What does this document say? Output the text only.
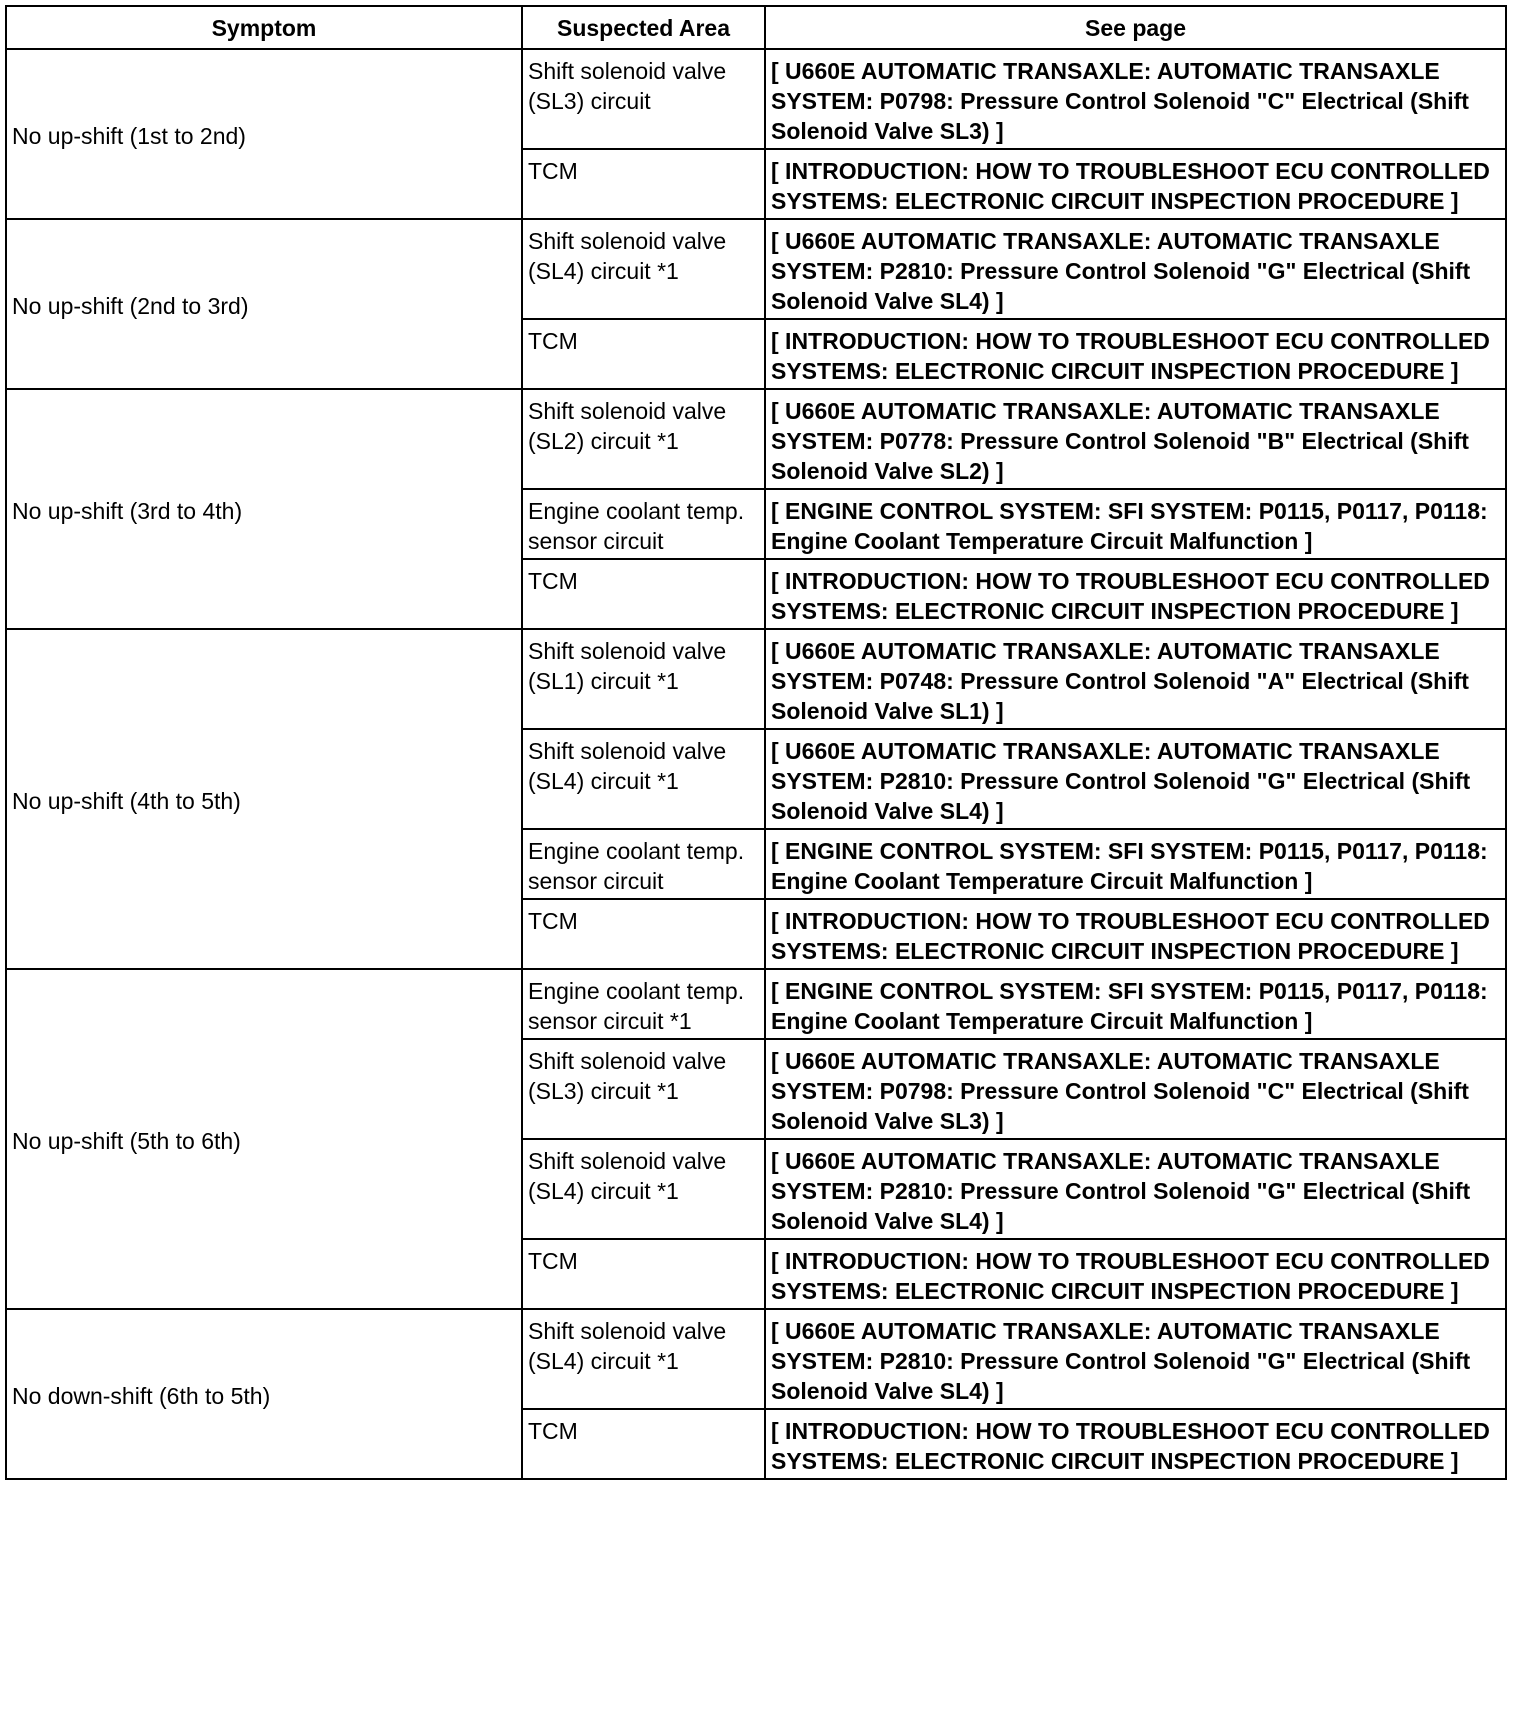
Symptom	Suspected Area	See page
No up-shift (1st to 2nd)	Shift solenoid valve (SL3) circuit	[ U660E AUTOMATIC TRANSAXLE: AUTOMATIC TRANSAXLE SYSTEM: P0798: Pressure Control Solenoid "C" Electrical (Shift Solenoid Valve SL3) ]
	TCM	[ INTRODUCTION: HOW TO TROUBLESHOOT ECU CONTROLLED SYSTEMS: ELECTRONIC CIRCUIT INSPECTION PROCEDURE ]
No up-shift (2nd to 3rd)	Shift solenoid valve (SL4) circuit *1	[ U660E AUTOMATIC TRANSAXLE: AUTOMATIC TRANSAXLE SYSTEM: P2810: Pressure Control Solenoid "G" Electrical (Shift Solenoid Valve SL4) ]
	TCM	[ INTRODUCTION: HOW TO TROUBLESHOOT ECU CONTROLLED SYSTEMS: ELECTRONIC CIRCUIT INSPECTION PROCEDURE ]
No up-shift (3rd to 4th)	Shift solenoid valve (SL2) circuit *1	[ U660E AUTOMATIC TRANSAXLE: AUTOMATIC TRANSAXLE SYSTEM: P0778: Pressure Control Solenoid "B" Electrical (Shift Solenoid Valve SL2) ]
	Engine coolant temp. sensor circuit	[ ENGINE CONTROL SYSTEM: SFI SYSTEM: P0115, P0117, P0118: Engine Coolant Temperature Circuit Malfunction ]
	TCM	[ INTRODUCTION: HOW TO TROUBLESHOOT ECU CONTROLLED SYSTEMS: ELECTRONIC CIRCUIT INSPECTION PROCEDURE ]
No up-shift (4th to 5th)	Shift solenoid valve (SL1) circuit *1	[ U660E AUTOMATIC TRANSAXLE: AUTOMATIC TRANSAXLE SYSTEM: P0748: Pressure Control Solenoid "A" Electrical (Shift Solenoid Valve SL1) ]
	Shift solenoid valve (SL4) circuit *1	[ U660E AUTOMATIC TRANSAXLE: AUTOMATIC TRANSAXLE SYSTEM: P2810: Pressure Control Solenoid "G" Electrical (Shift Solenoid Valve SL4) ]
	Engine coolant temp. sensor circuit	[ ENGINE CONTROL SYSTEM: SFI SYSTEM: P0115, P0117, P0118: Engine Coolant Temperature Circuit Malfunction ]
	TCM	[ INTRODUCTION: HOW TO TROUBLESHOOT ECU CONTROLLED SYSTEMS: ELECTRONIC CIRCUIT INSPECTION PROCEDURE ]
No up-shift (5th to 6th)	Engine coolant temp. sensor circuit *1	[ ENGINE CONTROL SYSTEM: SFI SYSTEM: P0115, P0117, P0118: Engine Coolant Temperature Circuit Malfunction ]
	Shift solenoid valve (SL3) circuit *1	[ U660E AUTOMATIC TRANSAXLE: AUTOMATIC TRANSAXLE SYSTEM: P0798: Pressure Control Solenoid "C" Electrical (Shift Solenoid Valve SL3) ]
	Shift solenoid valve (SL4) circuit *1	[ U660E AUTOMATIC TRANSAXLE: AUTOMATIC TRANSAXLE SYSTEM: P2810: Pressure Control Solenoid "G" Electrical (Shift Solenoid Valve SL4) ]
	TCM	[ INTRODUCTION: HOW TO TROUBLESHOOT ECU CONTROLLED SYSTEMS: ELECTRONIC CIRCUIT INSPECTION PROCEDURE ]
No down-shift (6th to 5th)	Shift solenoid valve (SL4) circuit *1	[ U660E AUTOMATIC TRANSAXLE: AUTOMATIC TRANSAXLE SYSTEM: P2810: Pressure Control Solenoid "G" Electrical (Shift Solenoid Valve SL4) ]
	TCM	[ INTRODUCTION: HOW TO TROUBLESHOOT ECU CONTROLLED SYSTEMS: ELECTRONIC CIRCUIT INSPECTION PROCEDURE ]
